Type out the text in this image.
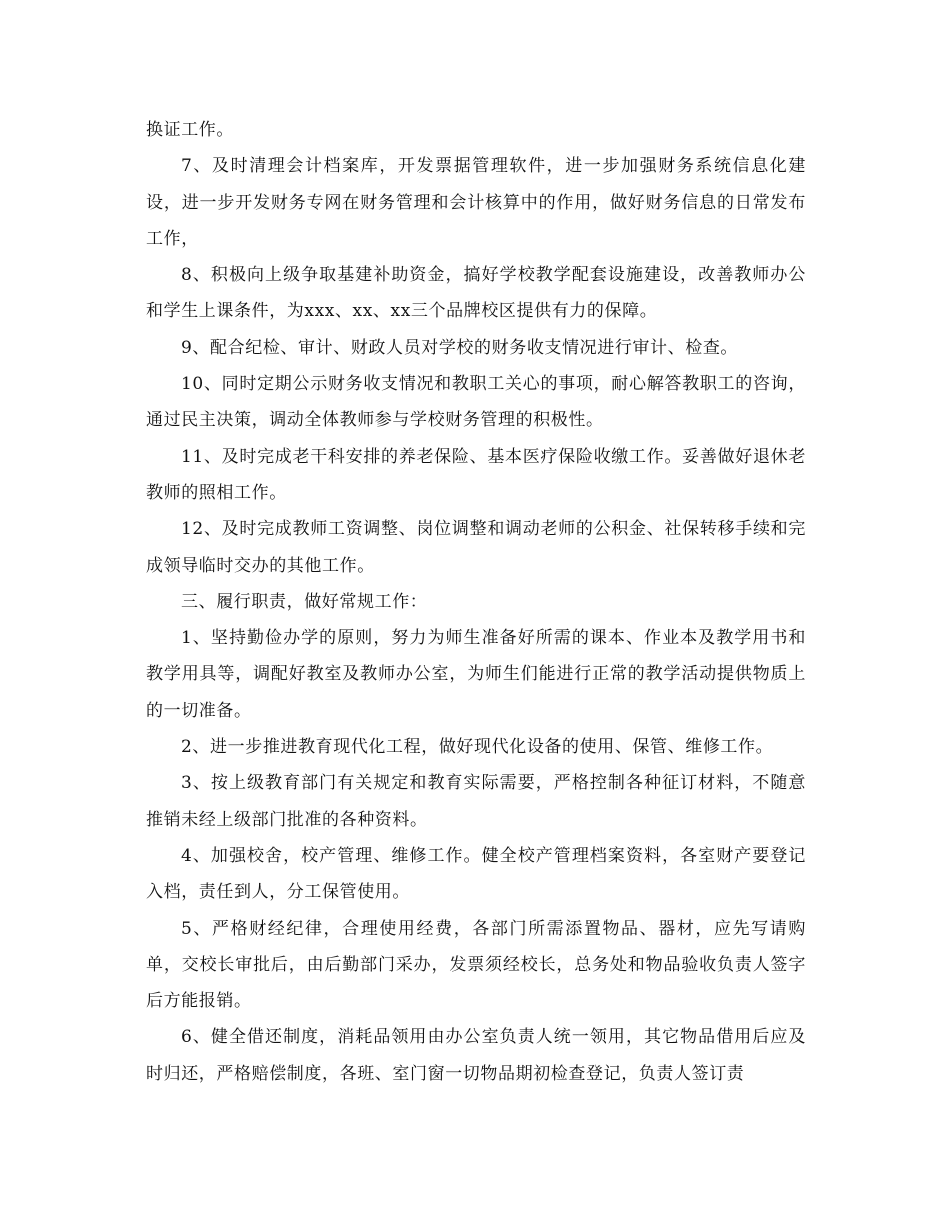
换证工作。

7、及时清理会计档案库，开发票据管理软件，进一步加强财务系统信息化建设，进一步开发财务专网在财务管理和会计核算中的作用，做好财务信息的日常发布工作，

8、积极向上级争取基建补助资金，搞好学校教学配套设施建设，改善教师办公和学生上课条件，为xxx、xx、xx三个品牌校区提供有力的保障。

9、配合纪检、审计、财政人员对学校的财务收支情况进行审计、检查。

10、同时定期公示财务收支情况和教职工关心的事项，耐心解答教职工的咨询，通过民主决策，调动全体教师参与学校财务管理的积极性。

11、及时完成老干科安排的养老保险、基本医疗保险收缴工作。妥善做好退休老教师的照相工作。

12、及时完成教师工资调整、岗位调整和调动老师的公积金、社保转移手续和完成领导临时交办的其他工作。

三、履行职责，做好常规工作：

1、坚持勤俭办学的原则，努力为师生准备好所需的课本、作业本及教学用书和教学用具等，调配好教室及教师办公室，为师生们能进行正常的教学活动提供物质上的一切准备。

2、进一步推进教育现代化工程，做好现代化设备的使用、保管、维修工作。

3、按上级教育部门有关规定和教育实际需要，严格控制各种征订材料，不随意推销未经上级部门批准的各种资料。

4、加强校舍，校产管理、维修工作。健全校产管理档案资料，各室财产要登记入档，责任到人，分工保管使用。

5、严格财经纪律，合理使用经费，各部门所需添置物品、器材，应先写请购单，交校长审批后，由后勤部门采办，发票须经校长，总务处和物品验收负责人签字后方能报销。

6、健全借还制度，消耗品领用由办公室负责人统一领用，其它物品借用后应及时归还，严格赔偿制度，各班、室门窗一切物品期初检查登记，负责人签订责
